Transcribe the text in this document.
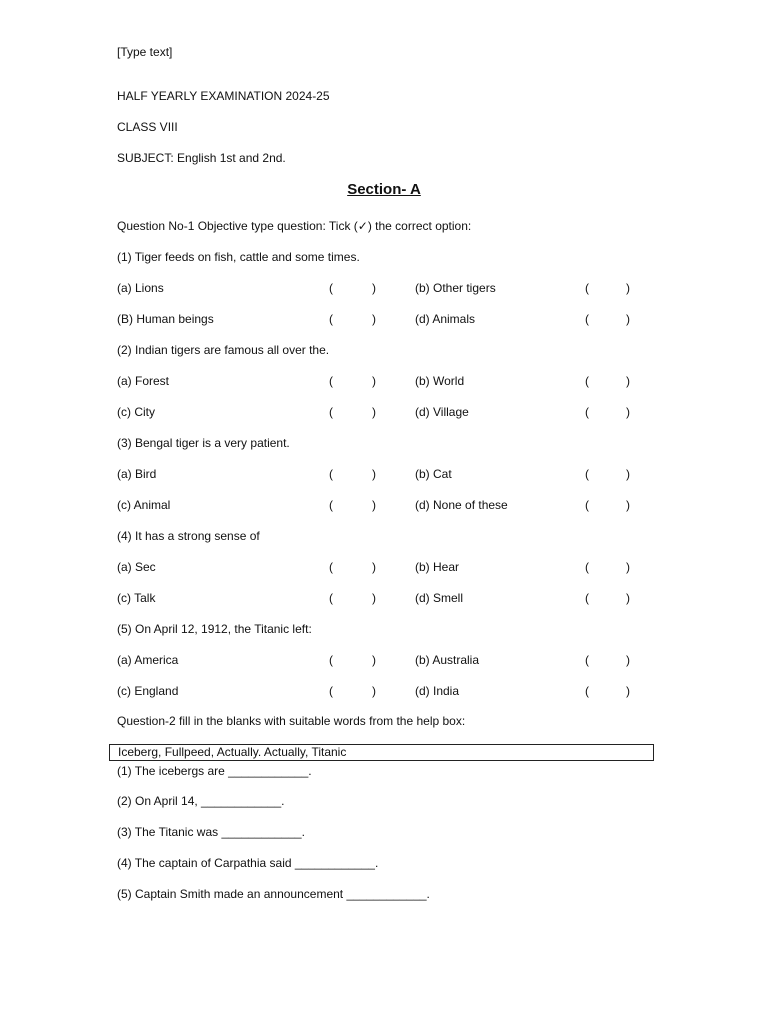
[Type text]
HALF YEARLY EXAMINATION 2024-25
CLASS VIII
SUBJECT: English 1st and 2nd.
Section- A
Question No-1 Objective type question: Tick (✓) the correct option:
(1) Tiger feeds on fish, cattle and some times.
(a) Lions	(	)	(b) Other tigers	(	)
(B) Human beings	(	)	(d) Animals	(	)
(2) Indian tigers are famous all over the.
(a) Forest	(	)	(b) World	(	)
(c) City	(	)	(d) Village	(	)
(3) Bengal tiger is a very patient.
(a) Bird	(	)	(b) Cat	(	)
(c) Animal	(	)	(d) None of these	(	)
(4) It has a strong sense of
(a) Sec	(	)	(b) Hear	(	)
(c) Talk	(	)	(d) Smell	(	)
(5) On April 12, 1912, the Titanic left:
(a) America	(	)	(b) Australia	(	)
(c) England	(	)	(d) India	(	)
Question-2 fill in the blanks with suitable words from the help box:
Iceberg, Fullpeed, Actually. Actually, Titanic
(1) The icebergs are ____________.
(2) On April 14, ____________.
(3) The Titanic was ____________.
(4) The captain of Carpathia said ____________.
(5) Captain Smith made an announcement ____________.
